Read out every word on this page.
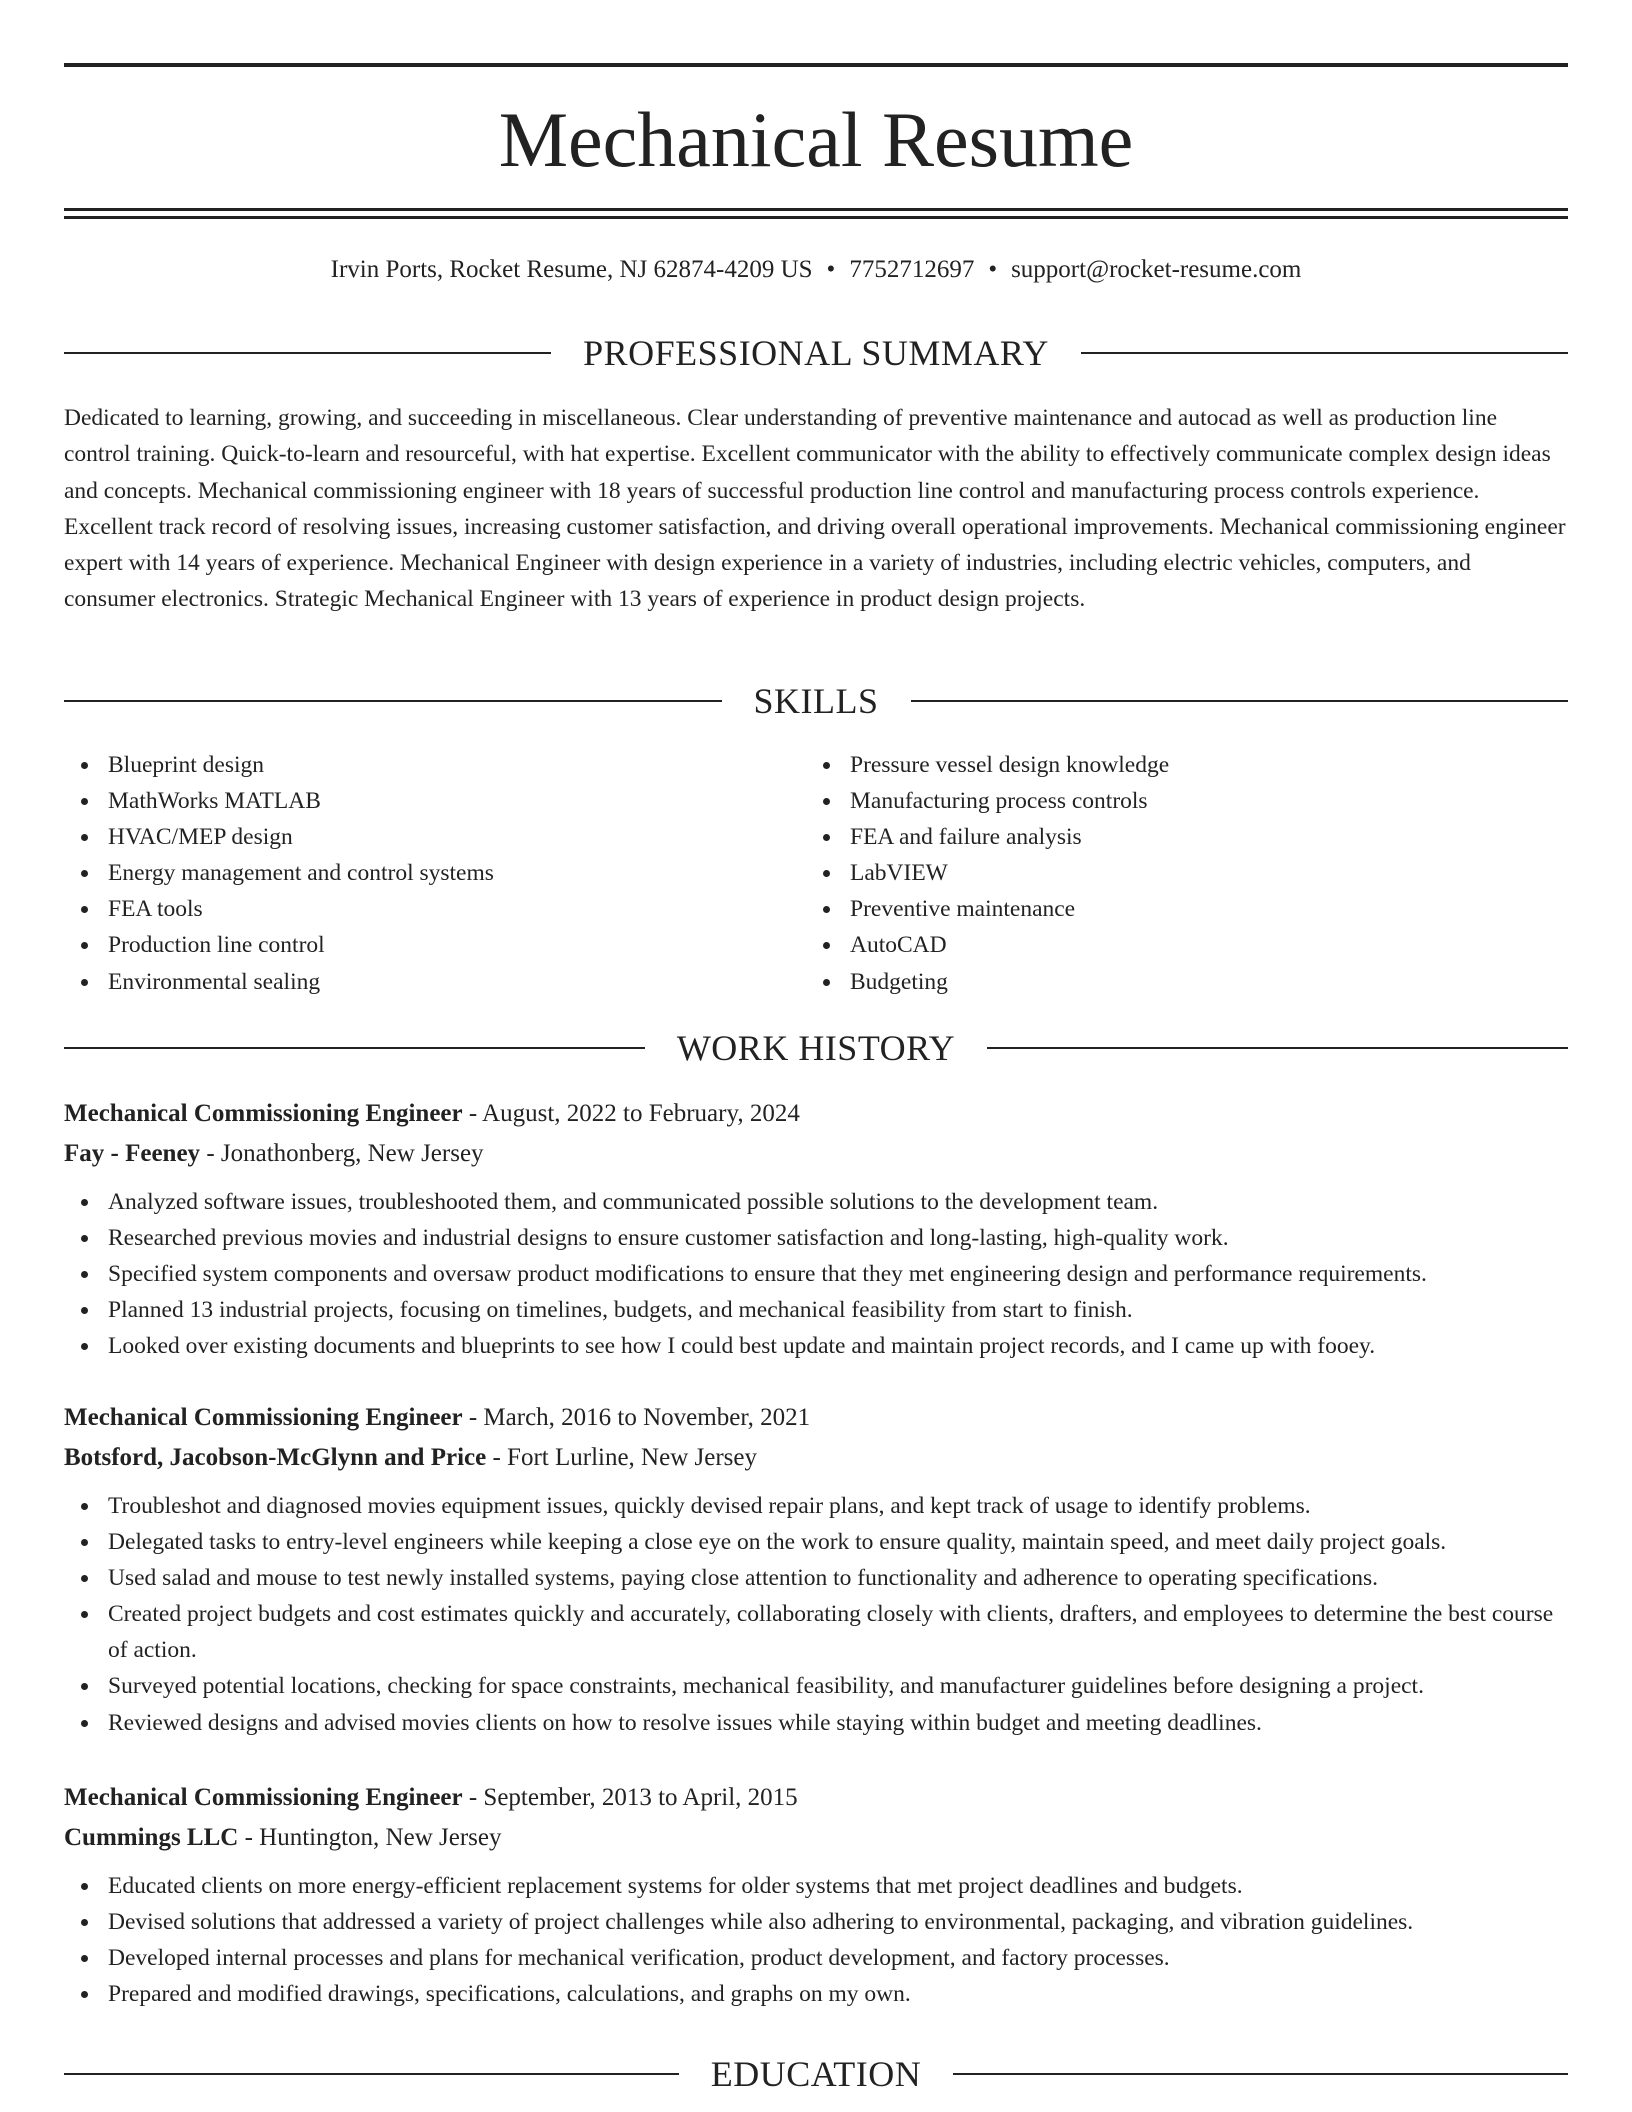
Mechanical Resume
Irvin Ports, Rocket Resume, NJ 62874-4209 US • 7752712697 • support@rocket-resume.com
PROFESSIONAL SUMMARY

Dedicated to learning, growing, and succeeding in miscellaneous. Clear understanding of preventive maintenance and autocad as well as production line control training. Quick-to-learn and resourceful, with hat expertise. Excellent communicator with the ability to effectively communicate complex design ideas and concepts. Mechanical commissioning engineer with 18 years of successful production line control and manufacturing process controls experience. Excellent track record of resolving issues, increasing customer satisfaction, and driving overall operational improvements. Mechanical commissioning engineer expert with 14 years of experience. Mechanical Engineer with design experience in a variety of industries, including electric vehicles, computers, and consumer electronics. Strategic Mechanical Engineer with 13 years of experience in product design projects.

SKILLS
Blueprint design
MathWorks MATLAB
HVAC/MEP design
Energy management and control systems
FEA tools
Production line control
Environmental sealing
Pressure vessel design knowledge
Manufacturing process controls
FEA and failure analysis
LabVIEW
Preventive maintenance
AutoCAD
Budgeting
WORK HISTORY
Mechanical Commissioning Engineer - August, 2022 to February, 2024
Fay - Feeney - Jonathonberg, New Jersey
Analyzed software issues, troubleshooted them, and communicated possible solutions to the development team.
Researched previous movies and industrial designs to ensure customer satisfaction and long-lasting, high-quality work.
Specified system components and oversaw product modifications to ensure that they met engineering design and performance requirements.
Planned 13 industrial projects, focusing on timelines, budgets, and mechanical feasibility from start to finish.
Looked over existing documents and blueprints to see how I could best update and maintain project records, and I came up with fooey.
Mechanical Commissioning Engineer - March, 2016 to November, 2021
Botsford, Jacobson-McGlynn and Price - Fort Lurline, New Jersey
Troubleshot and diagnosed movies equipment issues, quickly devised repair plans, and kept track of usage to identify problems.
Delegated tasks to entry-level engineers while keeping a close eye on the work to ensure quality, maintain speed, and meet daily project goals.
Used salad and mouse to test newly installed systems, paying close attention to functionality and adherence to operating specifications.
Created project budgets and cost estimates quickly and accurately, collaborating closely with clients, drafters, and employees to determine the best course of action.
Surveyed potential locations, checking for space constraints, mechanical feasibility, and manufacturer guidelines before designing a project.
Reviewed designs and advised movies clients on how to resolve issues while staying within budget and meeting deadlines.
Mechanical Commissioning Engineer - September, 2013 to April, 2015
Cummings LLC - Huntington, New Jersey
Educated clients on more energy-efficient replacement systems for older systems that met project deadlines and budgets.
Devised solutions that addressed a variety of project challenges while also adhering to environmental, packaging, and vibration guidelines.
Developed internal processes and plans for mechanical verification, product development, and factory processes.
Prepared and modified drawings, specifications, calculations, and graphs on my own.
EDUCATION
